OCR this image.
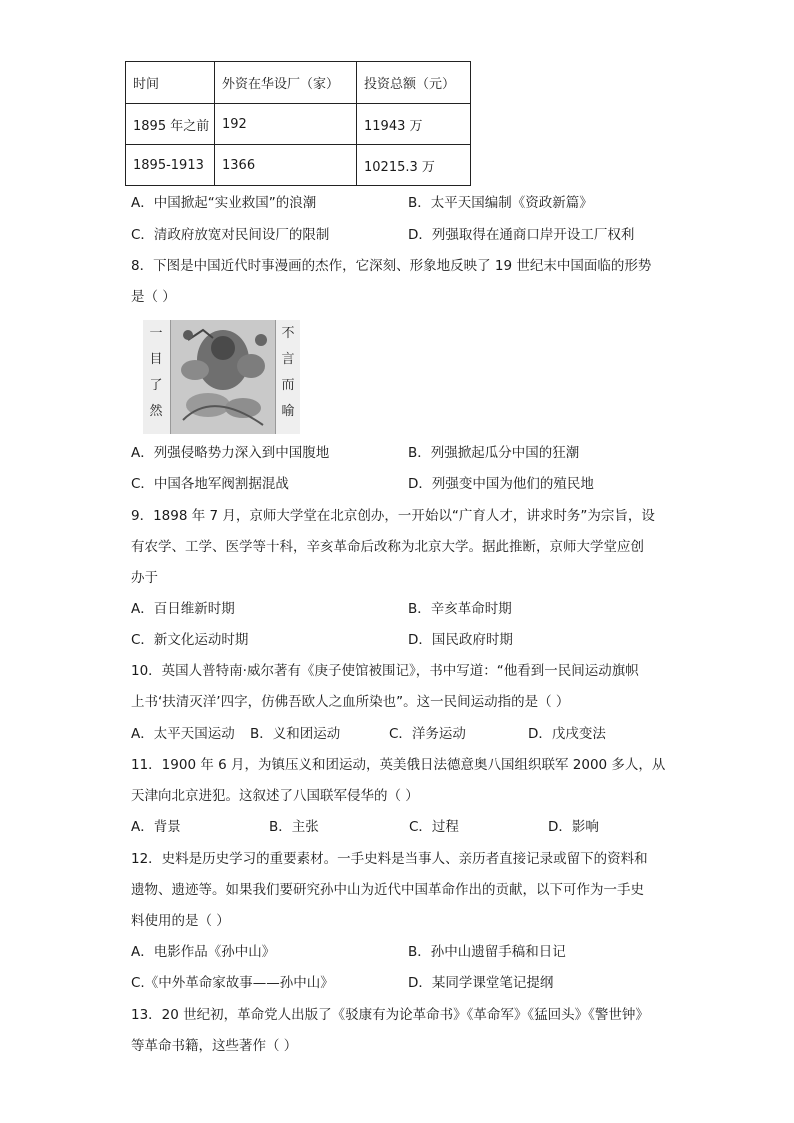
时间	外资在华设厂（家）	投资总额（元）
1895 年之前	192	11943 万
1895-1913	1366	10215.3 万
A．中国掀起“实业救国”的浪潮	B．太平天国编制《资政新篇》
C．清政府放宽对民间设厂的限制	D．列强取得在通商口岸开设工厂权利
8．下图是中国近代时事漫画的杰作，它深刻、形象地反映了 19 世纪末中国面临的形势
是（ ）
一
目
了
然
不
言
而
喻
A．列强侵略势力深入到中国腹地	B．列强掀起瓜分中国的狂潮
C．中国各地军阀割据混战	D．列强变中国为他们的殖民地
9．1898 年 7 月，京师大学堂在北京创办，一开始以“广育人才，讲求时务”为宗旨，设
有农学、工学、医学等十科，辛亥革命后改称为北京大学。据此推断，京师大学堂应创
办于
A．百日维新时期	B．辛亥革命时期
C．新文化运动时期	D．国民政府时期
10．英国人普特南·威尔著有《庚子使馆被围记》，书中写道：“他看到一民间运动旗帜
上书‘扶清灭洋’四字，仿佛吾欧人之血所染也”。这一民间运动指的是（ ）
A．太平天国运动 B．义和团运动	C．洋务运动	D．戊戌变法
11．1900 年 6 月，为镇压义和团运动，英美俄日法德意奥八国组织联军 2000 多人，从
天津向北京进犯。这叙述了八国联军侵华的（ ）
A．背景	B．主张	C．过程	D．影响
12．史料是历史学习的重要素材。一手史料是当事人、亲历者直接记录或留下的资料和
遗物、遗迹等。如果我们要研究孙中山为近代中国革命作出的贡献，以下可作为一手史
料使用的是（ ）
A．电影作品《孙中山》	B．孙中山遗留手稿和日记
C.《中外革命家故事——孙中山》	D．某同学课堂笔记提纲
13．20 世纪初，革命党人出版了《驳康有为论革命书》《革命军》《猛回头》《警世钟》
等革命书籍，这些著作（ ）
